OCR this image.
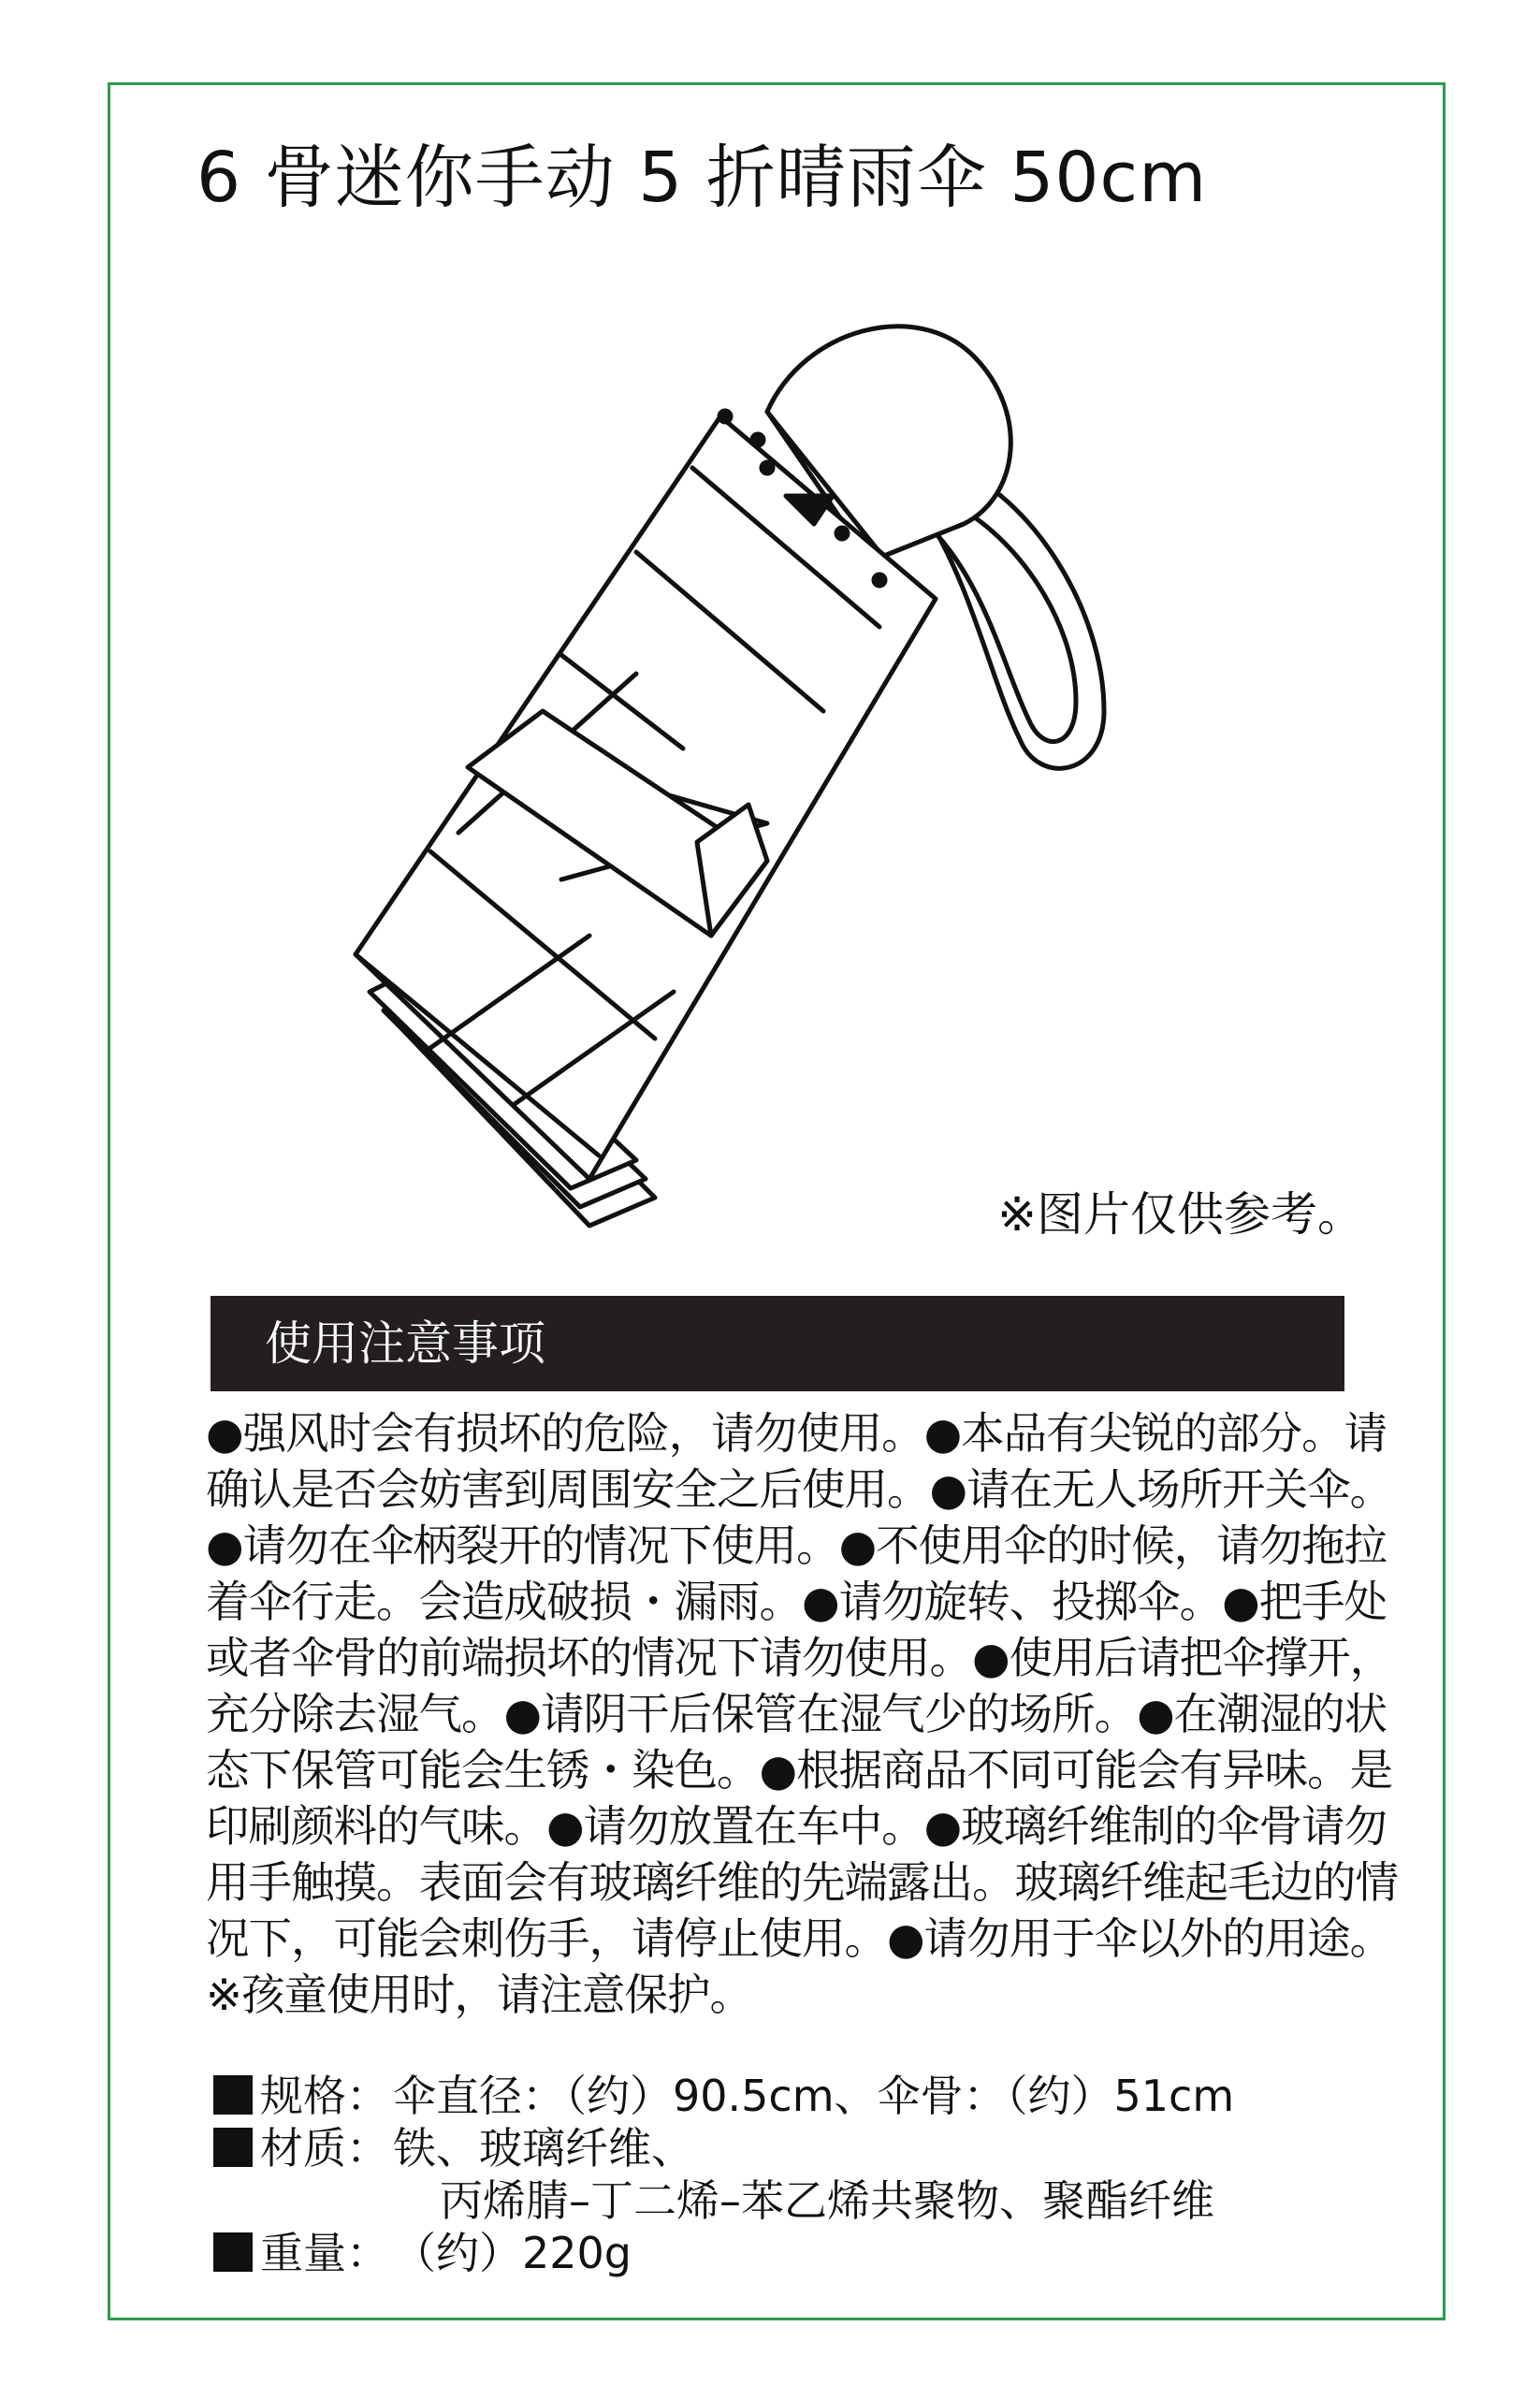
6 骨迷你手动 5 折晴雨伞 50cm
※图片仅供参考。
使用注意事项
●强风时会有损坏的危险，请勿使用。●本品有尖锐的部分。请
确认是否会妨害到周围安全之后使用。●请在无人场所开关伞。
●请勿在伞柄裂开的情况下使用。●不使用伞的时候，请勿拖拉
着伞行走。会造成破损・漏雨。●请勿旋转、投掷伞。●把手处
或者伞骨的前端损坏的情况下请勿使用。●使用后请把伞撑开，
充分除去湿气。●请阴干后保管在湿气少的场所。●在潮湿的状
态下保管可能会生锈・染色。●根据商品不同可能会有异味。是
印刷颜料的气味。●请勿放置在车中。●玻璃纤维制的伞骨请勿
用手触摸。表面会有玻璃纤维的先端露出。玻璃纤维起毛边的情
况下，可能会刺伤手，请停止使用。●请勿用于伞以外的用途。
※孩童使用时，请注意保护。
规格： 伞直径：（约）90.5cm、伞骨：（约）51cm
材质： 铁、玻璃纤维、
丙烯腈–丁二烯–苯乙烯共聚物、聚酯纤维
重量： （约）220g
